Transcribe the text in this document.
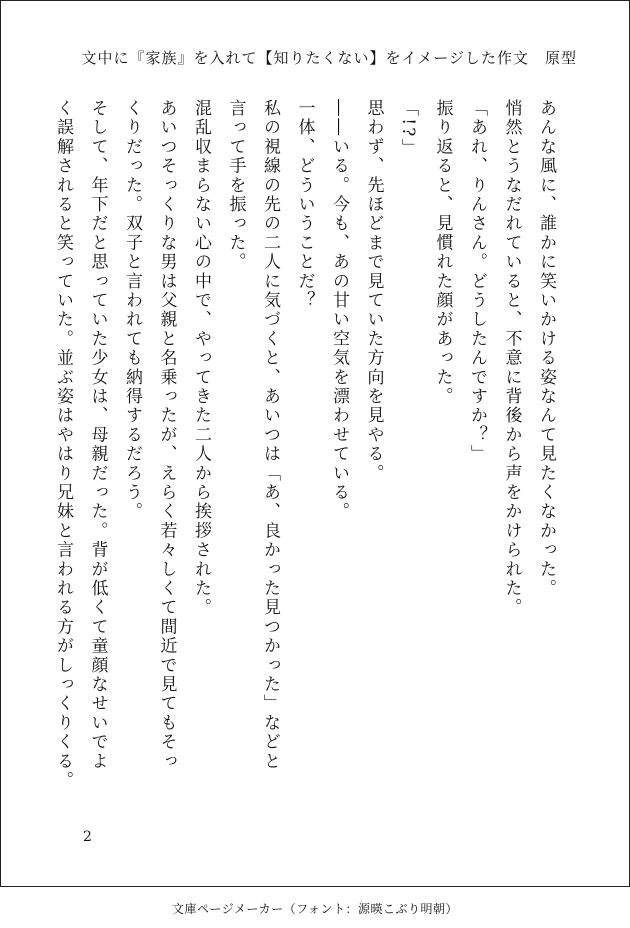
文中に『家族』を入れて【知りたくない】をイメージした作文　原型
あんな風に、誰かに笑いかける姿なんて見たくなかった。
悄然とうなだれていると、不意に背後から声をかけられた。
「あれ、りんさん。どうしたんですか？」
振り返ると、見慣れた顔があった。
「!?」
思わず、先ほどまで見ていた方向を見やる。
――いる。今も、あの甘い空気を漂わせている。
一体、どういうことだ？
私の視線の先の二人に気づくと、あいつは「あ、良かった見つかった」などと
言って手を振った。
混乱収まらない心の中で、やってきた二人から挨拶された。
あいつそっくりな男は父親と名乗ったが、えらく若々しくて間近で見てもそっ
くりだった。双子と言われても納得するだろう。
そして、年下だと思っていた少女は、母親だった。背が低くて童顔なせいでよ
く誤解されると笑っていた。並ぶ姿はやはり兄妹と言われる方がしっくりくる。
2
文庫ページメーカー（フォント：源暎こぶり明朝）
